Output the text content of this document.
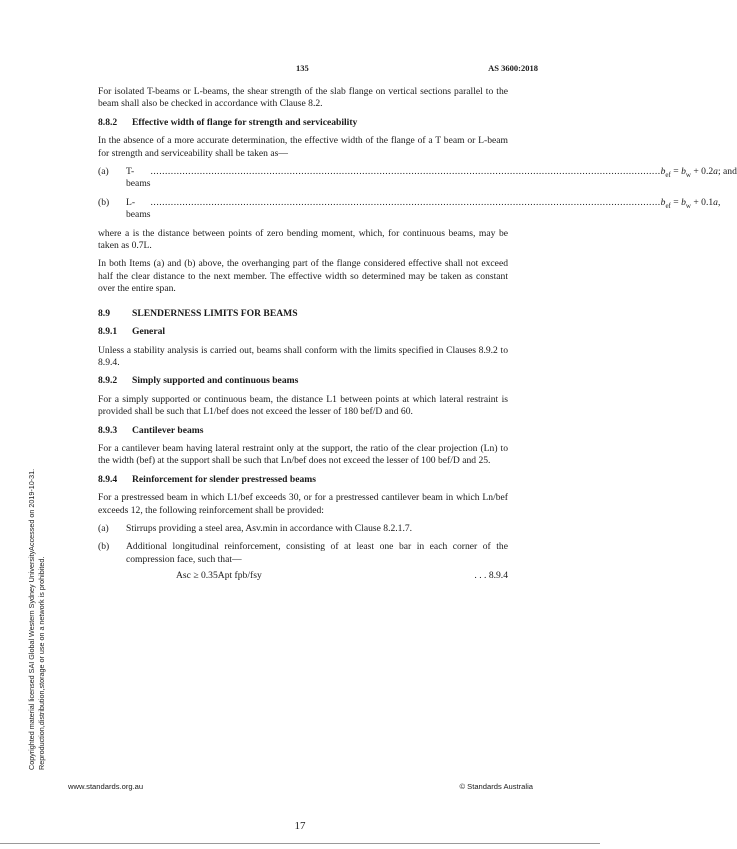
135	AS 3600:2018

For isolated T-beams or L-beams, the shear strength of the slab flange on vertical sections parallel to the beam shall also be checked in accordance with Clause 8.2.

8.8.2 Effective width of flange for strength and serviceability

In the absence of a more accurate determination, the effective width of the flange of a T beam or L-beam for strength and serviceability shall be taken as—

(a)	T-beams
.....
$b_{ef} = b_w + 0.2a$; and
(b)	L-beams
.....
$b_{ef} = b_w + 0.1a$,

where a is the distance between points of zero bending moment, which, for continuous beams, may be taken as 0.7L.

In both Items (a) and (b) above, the overhanging part of the flange considered effective shall not exceed half the clear distance to the next member. The effective width so determined may be taken as constant over the entire span.

8.9 SLENDERNESS LIMITS FOR BEAMS
8.9.1 General

Unless a stability analysis is carried out, beams shall conform with the limits specified in Clauses 8.9.2 to 8.9.4.

8.9.2 Simply supported and continuous beams

For a simply supported or continuous beam, the distance L1 between points at which lateral restraint is provided shall be such that L1/bef does not exceed the lesser of 180 bef/D and 60.

8.9.3 Cantilever beams

For a cantilever beam having lateral restraint only at the support, the ratio of the clear projection (Ln) to the width (bef) at the support shall be such that Ln/bef does not exceed the lesser of 100 bef/D and 25.

8.9.4 Reinforcement for slender prestressed beams

For a prestressed beam in which L1/bef exceeds 30, or for a prestressed cantilever beam in which Ln/bef exceeds 12, the following reinforcement shall be provided:

(a)	Stirrups providing a steel area, Asv.min in accordance with Clause 8.2.1.7.
(b)	Additional longitudinal reinforcement, consisting of at least one bar in each corner of the compression face, such that—
Asc ≥ 0.35Apt fpb/fsy	. . . 8.9.4
Copyrighted material licensed SAI Global Western Sydney UniversityAccessed on 2019-10-31. Reproduction,distribution,storage or use on a network is prohibited.
www.standards.org.au	© Standards Australia
17
